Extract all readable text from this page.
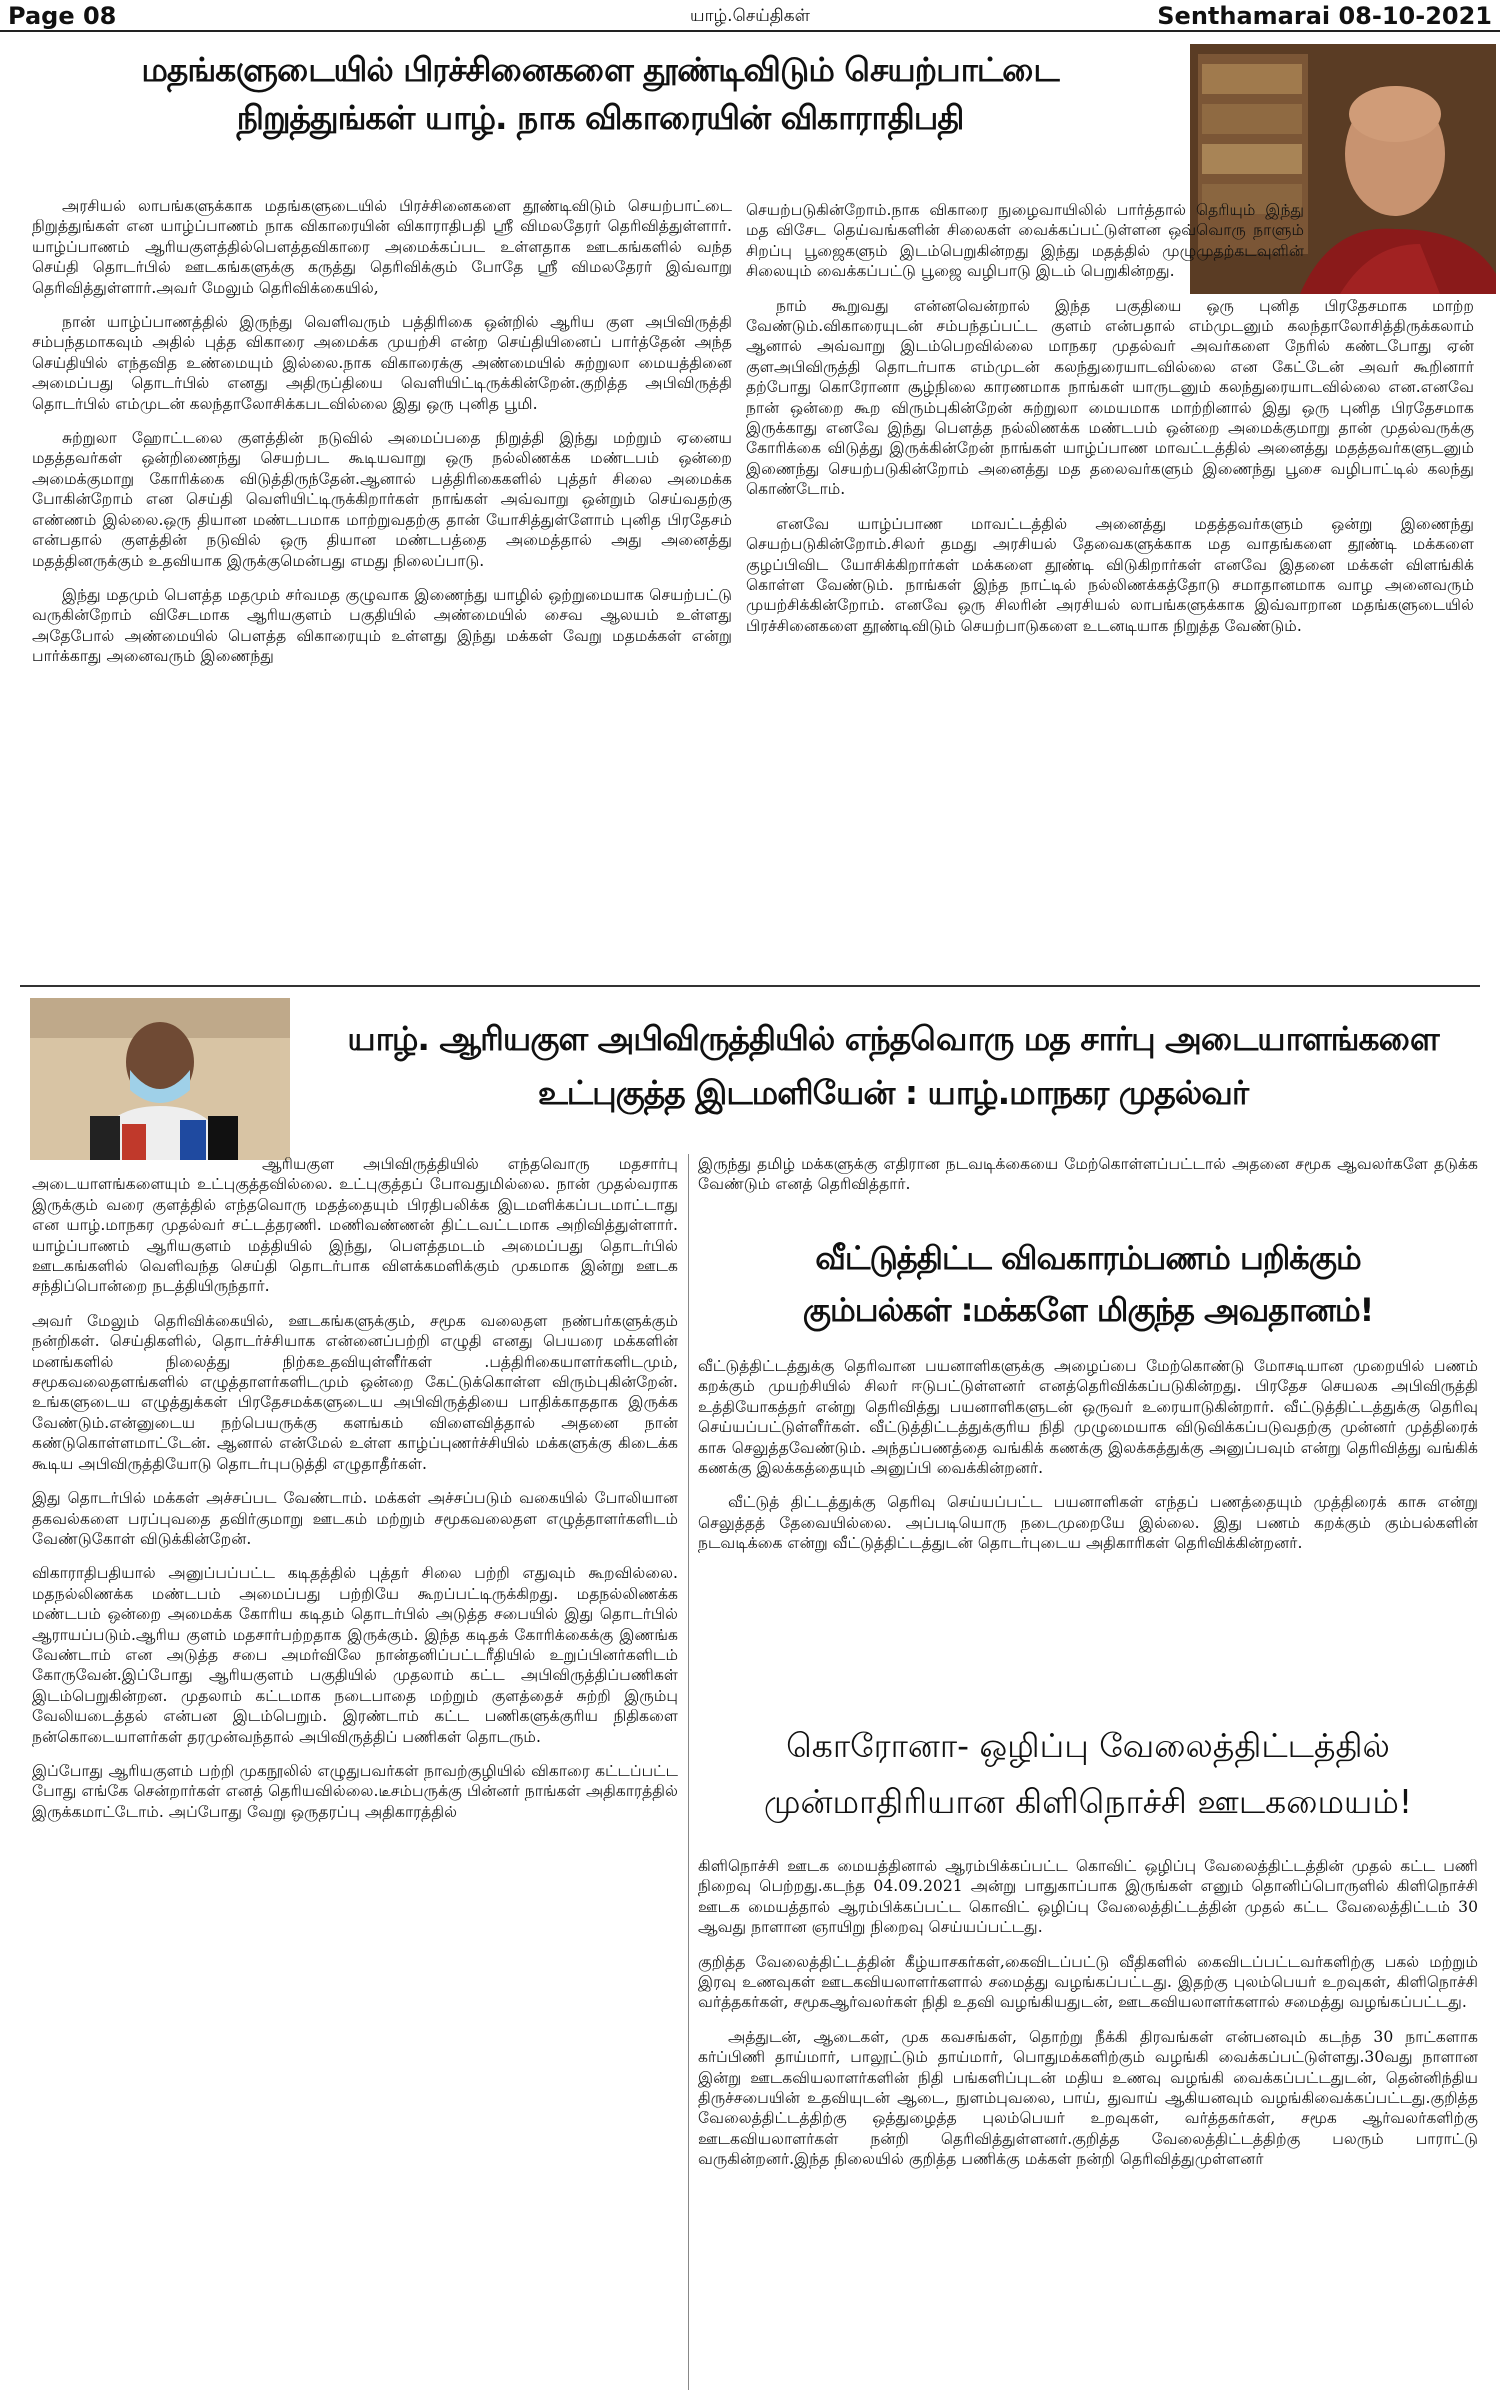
Page 08	யாழ்.செய்திகள்	Senthamarai 08-10-2021
மதங்களுடையில் பிரச்சினைகளை தூண்டிவிடும் செயற்பாட்டை
நிறுத்துங்கள் யாழ். நாக விகாரையின் விகாராதிபதி

அரசியல் லாபங்களுக்காக மதங்களுடையில் பிரச்சினைகளை தூண்டிவிடும் செயற்பாட்டை நிறுத்துங்கள் என யாழ்ப்பாணம் நாக விகாரையின் விகாராதிபதி ஸ்ரீ விமலதேரர் தெரிவித்துள்ளார். யாழ்ப்பாணம் ஆரியகுளத்தில்பௌத்தவிகாரை அமைக்கப்பட உள்ளதாக ஊடகங்களில் வந்த செய்தி தொடர்பில் ஊடகங்களுக்கு கருத்து தெரிவிக்கும் போதே ஸ்ரீ விமலதேரர் இவ்வாறு தெரிவித்துள்ளார்.அவர் மேலும் தெரிவிக்கையில்,

நான் யாழ்ப்பாணத்தில் இருந்து வெளிவரும் பத்திரிகை ஒன்றில் ஆரிய குள அபிவிருத்தி சம்பந்தமாகவும் அதில் புத்த விகாரை அமைக்க முயற்சி என்ற செய்தியினைப் பார்த்தேன் அந்த செய்தியில் எந்தவித உண்மையும் இல்லை.நாக விகாரைக்கு அண்மையில் சுற்றுலா மையத்தினை அமைப்பது தொடர்பில் எனது அதிருப்தியை வெளியிட்டிருக்கின்றேன்.குறித்த அபிவிருத்தி தொடர்பில் எம்முடன் கலந்தாலோசிக்கபடவில்லை இது ஒரு புனித பூமி.

சுற்றுலா ஹோட்டலை குளத்தின் நடுவில் அமைப்பதை நிறுத்தி இந்து மற்றும் ஏனைய மதத்தவர்கள் ஒன்றிணைந்து செயற்பட கூடியவாறு ஒரு நல்லிணக்க மண்டபம் ஒன்றை அமைக்குமாறு கோரிக்கை விடுத்திருந்தேன்.ஆனால் பத்திரிகைகளில் புத்தர் சிலை அமைக்க போகின்றோம் என செய்தி வெளியிட்டிருக்கிறார்கள் நாங்கள் அவ்வாறு ஒன்றும் செய்வதற்கு எண்ணம் இல்லை.ஒரு தியான மண்டபமாக மாற்றுவதற்கு தான் யோசித்துள்ளோம் புனித பிரதேசம் என்பதால் குளத்தின் நடுவில் ஒரு தியான மண்டபத்தை அமைத்தால் அது அனைத்து மதத்தினருக்கும் உதவியாக இருக்குமென்பது எமது நிலைப்பாடு.

இந்து மதமும் பௌத்த மதமும் சர்வமத குழுவாக இணைந்து யாழில் ஒற்றுமையாக செயற்பட்டு வருகின்றோம் விசேடமாக ஆரியகுளம் பகுதியில் அண்மையில் சைவ ஆலயம் உள்ளது அதேபோல் அண்மையில் பௌத்த விகாரையும் உள்ளது இந்து மக்கள் வேறு மதமக்கள் என்று பார்க்காது அனைவரும் இணைந்து

செயற்படுகின்றோம்.நாக விகாரை நுழைவாயிலில் பார்த்தால் தெரியும் இந்து மத விசேட தெய்வங்களின் சிலைகள் வைக்கப்பட்டுள்ளன ஒவ்வொரு நாளும் சிறப்பு பூஜைகளும் இடம்பெறுகின்றது இந்து மதத்தில் முழுமுதற்கடவுளின் சிலையும் வைக்கப்பட்டு பூஜை வழிபாடு இடம் பெறுகின்றது.

நாம் கூறுவது என்னவென்றால் இந்த பகுதியை ஒரு புனித பிரதேசமாக மாற்ற வேண்டும்.விகாரையுடன் சம்பந்தப்பட்ட குளம் என்பதால் எம்முடனும் கலந்தாலோசித்திருக்கலாம் ஆனால் அவ்வாறு இடம்பெறவில்லை மாநகர முதல்வர் அவர்களை நேரில் கண்டபோது ஏன் குளஅபிவிருத்தி தொடர்பாக எம்முடன் கலந்துரையாடவில்லை என கேட்டேன் அவர் கூறினார் தற்போது கொரோனா சூழ்நிலை காரணமாக நாங்கள் யாருடனும் கலந்துரையாடவில்லை என.எனவே நான் ஒன்றை கூற விரும்புகின்றேன் சுற்றுலா மையமாக மாற்றினால் இது ஒரு புனித பிரதேசமாக இருக்காது எனவே இந்து பௌத்த நல்லிணக்க மண்டபம் ஒன்றை அமைக்குமாறு தான் முதல்வருக்கு கோரிக்கை விடுத்து இருக்கின்றேன் நாங்கள் யாழ்ப்பாண மாவட்டத்தில் அனைத்து மதத்தவர்களுடனும் இணைந்து செயற்படுகின்றோம் அனைத்து மத தலைவர்களும் இணைந்து பூசை வழிபாட்டில் கலந்து கொண்டோம்.

எனவே யாழ்ப்பாண மாவட்டத்தில் அனைத்து மதத்தவர்களும் ஒன்று இணைந்து செயற்படுகின்றோம்.சிலர் தமது அரசியல் தேவைகளுக்காக மத வாதங்களை தூண்டி மக்களை குழப்பிவிட யோசிக்கிறார்கள் மக்களை தூண்டி விடுகிறார்கள் எனவே இதனை மக்கள் விளங்கிக் கொள்ள வேண்டும். நாங்கள் இந்த நாட்டில் நல்லிணக்கத்தோடு சமாதானமாக வாழ அனைவரும் முயற்சிக்கின்றோம். எனவே ஒரு சிலரின் அரசியல் லாபங்களுக்காக இவ்வாறான மதங்களுடையில் பிரச்சினைகளை தூண்டிவிடும் செயற்பாடுகளை உடனடியாக நிறுத்த வேண்டும்.

யாழ். ஆரியகுள அபிவிருத்தியில் எந்தவொரு மத சார்பு அடையாளங்களை
உட்புகுத்த இடமளியேன் : யாழ்.மாநகர முதல்வர்

ஆரியகுள அபிவிருத்தியில் எந்தவொரு மதசார்பு அடையாளங்களையும் உட்புகுத்தவில்லை. உட்புகுத்தப் போவதுமில்லை. நான் முதல்வராக இருக்கும் வரை குளத்தில் எந்தவொரு மதத்தையும் பிரதிபலிக்க இடமளிக்கப்படமாட்டாது என யாழ்.மாநகர முதல்வர் சட்டத்தரணி. மணிவண்ணன் திட்டவட்டமாக அறிவித்துள்ளார். யாழ்ப்பாணம் ஆரியகுளம் மத்தியில் இந்து, பௌத்தமடம் அமைப்பது தொடர்பில் ஊடகங்களில் வெளிவந்த செய்தி தொடர்பாக விளக்கமளிக்கும் முகமாக இன்று ஊடக சந்திப்பொன்றை நடத்தியிருந்தார்.

அவர் மேலும் தெரிவிக்கையில், ஊடகங்களுக்கும், சமூக வலைதள நண்பர்களுக்கும் நன்றிகள். செய்திகளில், தொடர்ச்சியாக என்னைப்பற்றி எழுதி எனது பெயரை மக்களின் மனங்களில் நிலைத்து நிற்கஉதவியுள்ளீர்கள் .பத்திரிகையாளர்களிடமும், சமூகவலைதளங்களில் எழுத்தாளர்களிடமும் ஒன்றை கேட்டுக்கொள்ள விரும்புகின்றேன். உங்களுடைய எழுத்துக்கள் பிரதேசமக்களுடைய அபிவிருத்தியை பாதிக்காததாக இருக்க வேண்டும்.என்னுடைய நற்பெயருக்கு களங்கம் விளைவித்தால் அதனை நான் கண்டுகொள்ளமாட்டேன். ஆனால் என்மேல் உள்ள காழ்ப்புணர்ச்சியில் மக்களுக்கு கிடைக்க கூடிய அபிவிருத்தியோடு தொடர்புபடுத்தி எழுதாதீர்கள்.

இது தொடர்பில் மக்கள் அச்சப்பட வேண்டாம். மக்கள் அச்சப்படும் வகையில் போலியான தகவல்களை பரப்புவதை தவிர்குமாறு ஊடகம் மற்றும் சமூகவலைதள எழுத்தாளர்களிடம் வேண்டுகோள் விடுக்கின்றேன்.

விகாராதிபதியால் அனுப்பப்பட்ட கடிதத்தில் புத்தர் சிலை பற்றி எதுவும் கூறவில்லை. மதநல்லிணக்க மண்டபம் அமைப்பது பற்றியே கூறப்பட்டிருக்கிறது. மதநல்லிணக்க மண்டபம் ஒன்றை அமைக்க கோரிய கடிதம் தொடர்பில் அடுத்த சபையில் இது தொடர்பில் ஆராயப்படும்.ஆரிய குளம் மதசார்பற்றதாக இருக்கும். இந்த கடிதக் கோரிக்கைக்கு இணங்க வேண்டாம் என அடுத்த சபை அமர்விலே நான்தனிப்பட்டரீதியில் உறுப்பினர்களிடம் கோருவேன்.இப்போது ஆரியகுளம் பகுதியில் முதலாம் கட்ட அபிவிருத்திப்பணிகள் இடம்பெறுகின்றன. முதலாம் கட்டமாக நடைபாதை மற்றும் குளத்தைச் சுற்றி இரும்பு வேலியடைத்தல் என்பன இடம்பெறும். இரண்டாம் கட்ட பணிகளுக்குரிய நிதிகளை நன்கொடையாளர்கள் தரமுன்வந்தால் அபிவிருத்திப் பணிகள் தொடரும்.

இப்போது ஆரியகுளம் பற்றி முகநூலில் எழுதுபவர்கள் நாவற்குழியில் விகாரை கட்டப்பட்ட போது எங்கே சென்றார்கள் எனத் தெரியவில்லை.டீசம்பருக்கு பின்னர் நாங்கள் அதிகாரத்தில் இருக்கமாட்டோம். அப்போது வேறு ஒருதரப்பு அதிகாரத்தில்

இருந்து தமிழ் மக்களுக்கு எதிரான நடவடிக்கையை மேற்கொள்ளப்பட்டால் அதனை சமூக ஆவலர்களே தடுக்க வேண்டும் எனத் தெரிவித்தார்.

வீட்டுத்திட்ட விவகாரம்பணம் பறிக்கும்
கும்பல்கள் :மக்களே மிகுந்த அவதானம்!

வீட்டுத்திட்டத்துக்கு தெரிவான பயனாளிகளுக்கு அழைப்பை மேற்கொண்டு மோசடியான முறையில் பணம் கறக்கும் முயற்சியில் சிலர் ஈடுபட்டுள்ளனர் எனத்தெரிவிக்கப்படுகின்றது. பிரதேச செயலக அபிவிருத்தி உத்தியோகத்தர் என்று தெரிவித்து பயனாளிகளுடன் ஒருவர் உரையாடுகின்றார். வீட்டுத்திட்டத்துக்கு தெரிவு செய்யப்பட்டுள்ளீர்கள். வீட்டுத்திட்டத்துக்குரிய நிதி முழுமையாக விடுவிக்கப்படுவதற்கு முன்னர் முத்திரைக் காசு செலுத்தவேண்டும். அந்தப்பணத்தை வங்கிக் கணக்கு இலக்கத்துக்கு அனுப்பவும் என்று தெரிவித்து வங்கிக் கணக்கு இலக்கத்தையும் அனுப்பி வைக்கின்றனர்.

வீட்டுத் திட்டத்துக்கு தெரிவு செய்யப்பட்ட பயனாளிகள் எந்தப் பணத்தையும் முத்திரைக் காசு என்று செலுத்தத் தேவையில்லை. அப்படியொரு நடைமுறையே இல்லை. இது பணம் கறக்கும் கும்பல்களின் நடவடிக்கை என்று வீட்டுத்திட்டத்துடன் தொடர்புடைய அதிகாரிகள் தெரிவிக்கின்றனர்.

கொரோனா- ஒழிப்பு வேலைத்திட்டத்தில்
முன்மாதிரியான கிளிநொச்சி ஊடகமையம்!

கிளிநொச்சி ஊடக மையத்தினால் ஆரம்பிக்கப்பட்ட கொவிட் ஒழிப்பு வேலைத்திட்டத்தின் முதல் கட்ட பணி நிறைவு பெற்றது.கடந்த 04.09.2021 அன்று பாதுகாப்பாக இருங்கள் எனும் தொனிப்பொருளில் கிளிநொச்சி ஊடக மையத்தால் ஆரம்பிக்கப்பட்ட கொவிட் ஒழிப்பு வேலைத்திட்டத்தின் முதல் கட்ட வேலைத்திட்டம் 30 ஆவது நாளான ஞாயிறு நிறைவு செய்யப்பட்டது.

குறித்த வேலைத்திட்டத்தின் கீழ்யாசகர்கள்,கைவிடப்பட்டு வீதிகளில் கைவிடப்பட்டவர்களிற்கு பகல் மற்றும் இரவு உணவுகள் ஊடகவியலாளர்களால் சமைத்து வழங்கப்பட்டது. இதற்கு புலம்பெயர் உறவுகள், கிளிநொச்சி வர்த்தகர்கள், சமூகஆர்வலர்கள் நிதி உதவி வழங்கியதுடன், ஊடகவியலாளர்களால் சமைத்து வழங்கப்பட்டது.

அத்துடன், ஆடைகள், முக கவசங்கள், தொற்று நீக்கி திரவங்கள் என்பனவும் கடந்த 30 நாட்களாக கர்ப்பிணி தாய்மார், பாலூட்டும் தாய்மார், பொதுமக்களிற்கும் வழங்கி வைக்கப்பட்டுள்ளது.30வது நாளான இன்று ஊடகவியலாளர்களின் நிதி பங்களிப்புடன் மதிய உணவு வழங்கி வைக்கப்பட்டதுடன், தென்னிந்திய திருச்சபையின் உதவியுடன் ஆடை, நுளம்புவலை, பாய், துவாய் ஆகியனவும் வழங்கிவைக்கப்பட்டது.குறித்த வேலைத்திட்டத்திற்கு ஒத்துழைத்த புலம்பெயர் உறவுகள், வர்த்தகர்கள், சமூக ஆர்வலர்களிற்கு ஊடகவியலாளர்கள் நன்றி தெரிவித்துள்ளனர்.குறித்த வேலைத்திட்டத்திற்கு பலரும் பாராட்டு வருகின்றனர்.இந்த நிலையில் குறித்த பணிக்கு மக்கள் நன்றி தெரிவித்துமுள்ளனர்
